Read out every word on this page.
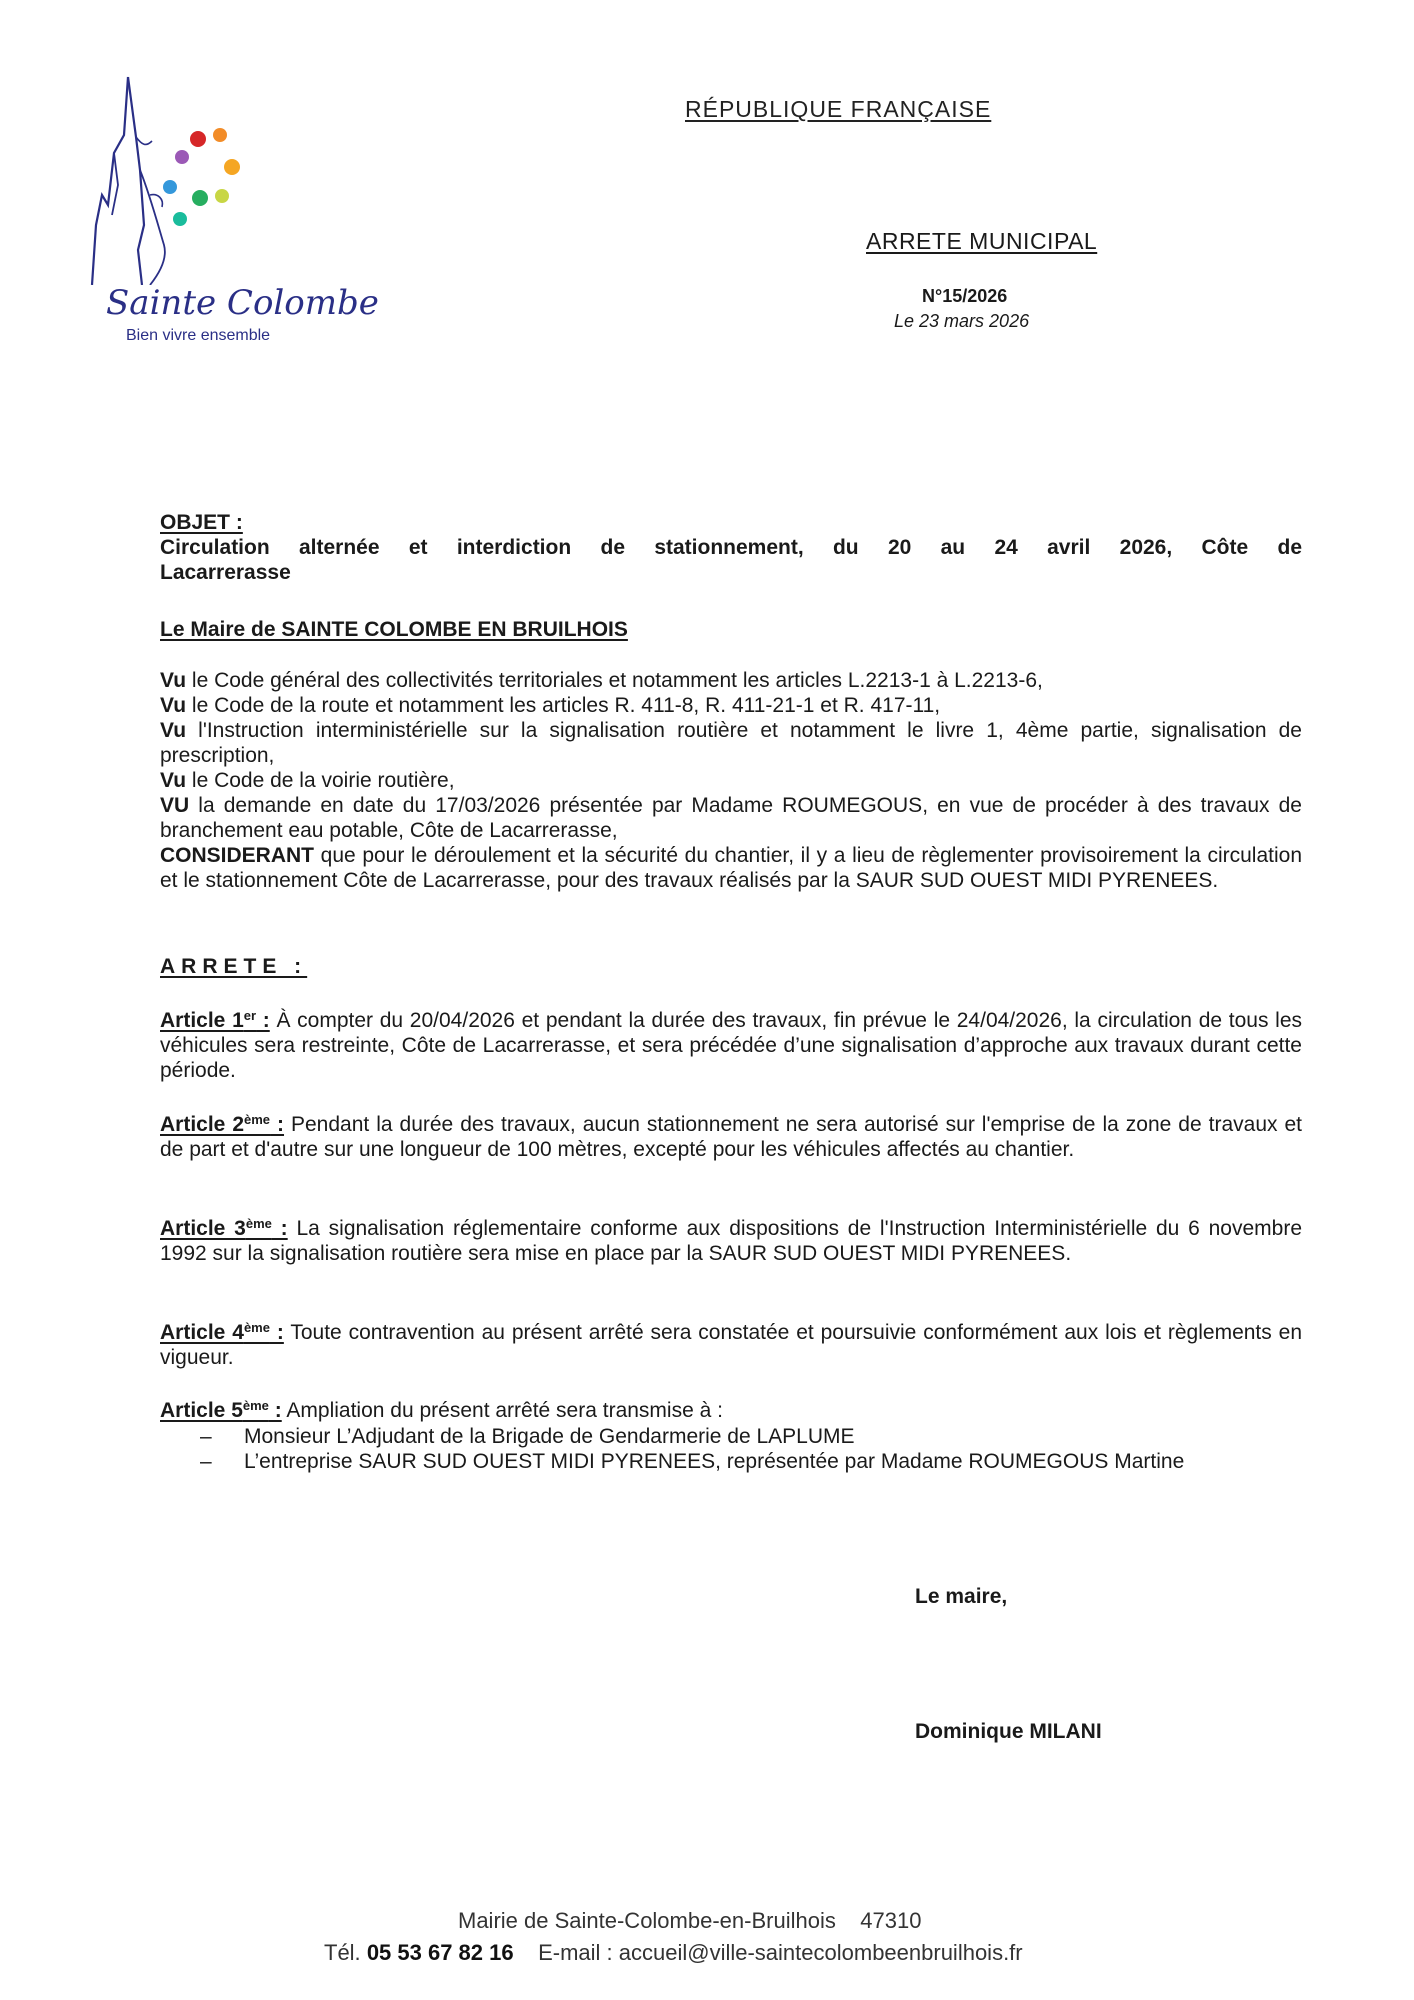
Sainte Colombe
Bien vivre ensemble
RÉPUBLIQUE FRANÇAISE
ARRETE MUNICIPAL
N°15/2026
Le 23 mars 2026
OBJET :
Circulation alternée et interdiction de stationnement, du 20 au 24 avril 2026, Côte de
Lacarrerasse
Le Maire de SAINTE COLOMBE EN BRUILHOIS
Vu le Code général des collectivités territoriales et notamment les articles L.2213-1 à L.2213-6,
Vu le Code de la route et notamment les articles R. 411-8, R. 411-21-1 et R. 417-11,
Vu l'Instruction interministérielle sur la signalisation routière et notamment le livre 1, 4ème partie, signalisation de prescription,
Vu le Code de la voirie routière,
VU la demande en date du 17/03/2026 présentée par Madame ROUMEGOUS, en vue de procéder à des travaux de branchement eau potable, Côte de Lacarrerasse,
CONSIDERANT que pour le déroulement et la sécurité du chantier, il y a lieu de règlementer provisoirement la circulation et le stationnement Côte de Lacarrerasse, pour des travaux réalisés par la SAUR SUD OUEST MIDI PYRENEES.
ARRETE :
Article 1er : À compter du 20/04/2026 et pendant la durée des travaux, fin prévue le 24/04/2026, la circulation de tous les véhicules sera restreinte, Côte de Lacarrerasse, et sera précédée d’une signalisation d’approche aux travaux durant cette période.
Article 2ème : Pendant la durée des travaux, aucun stationnement ne sera autorisé sur l'emprise de la zone de travaux et de part et d'autre sur une longueur de 100 mètres, excepté pour les véhicules affectés au chantier.
Article 3ème : La signalisation réglementaire conforme aux dispositions de l'Instruction Interministérielle du 6 novembre 1992 sur la signalisation routière sera mise en place par la SAUR SUD OUEST MIDI PYRENEES.
Article 4ème : Toute contravention au présent arrêté sera constatée et poursuivie conformément aux lois et règlements en vigueur.
Article 5ème : Ampliation du présent arrêté sera transmise à :
– Monsieur L’Adjudant de la Brigade de Gendarmerie de LAPLUME
– L’entreprise SAUR SUD OUEST MIDI PYRENEES, représentée par Madame ROUMEGOUS Martine
Le maire,
Dominique MILANI
Mairie de Sainte-Colombe-en-Bruilhois 47310
Tél. 05 53 67 82 16 E-mail : accueil@ville-saintecolombeenbruilhois.fr
